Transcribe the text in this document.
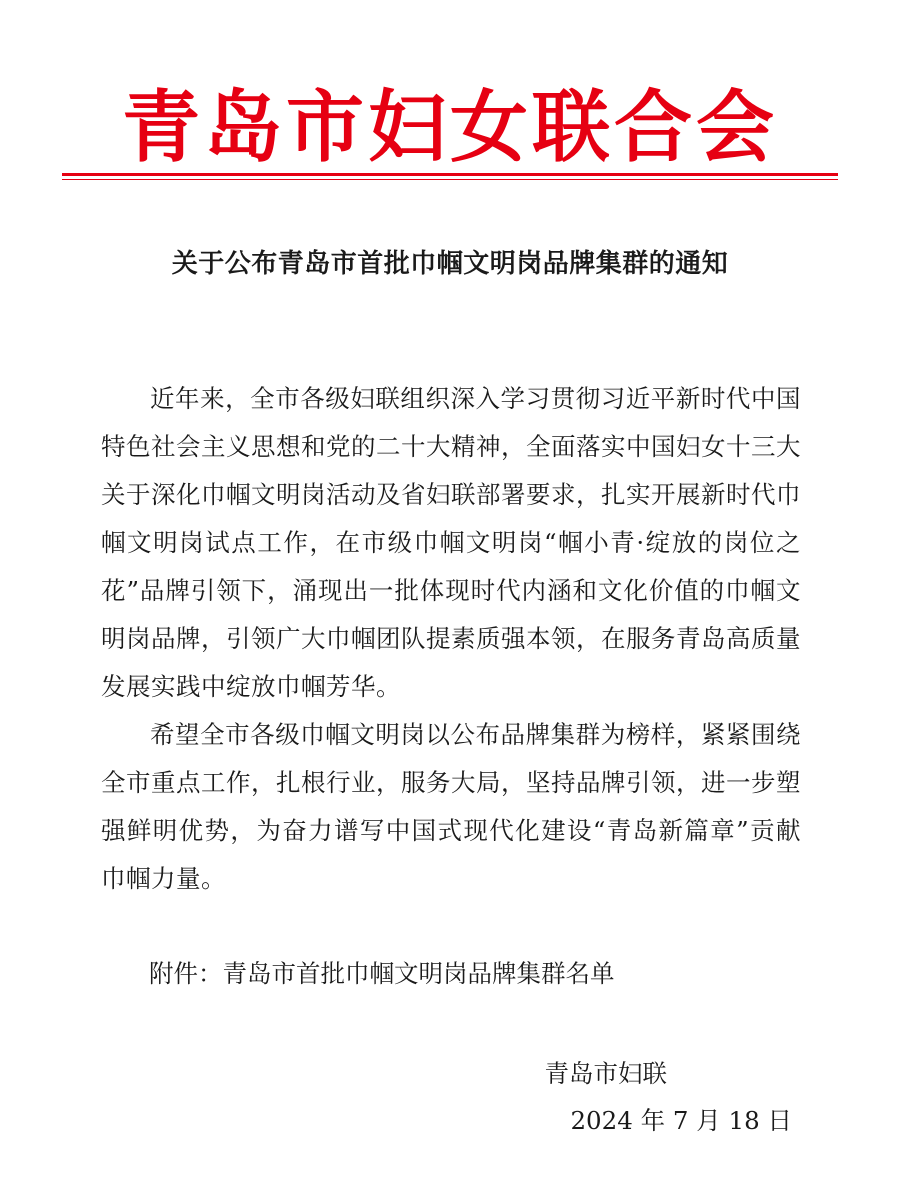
青岛市妇女联合会
关于公布青岛市首批巾帼文明岗品牌集群的通知

近年来，全市各级妇联组织深入学习贯彻习近平新时代中国特色社会主义思想和党的二十大精神，全面落实中国妇女十三大关于深化巾帼文明岗活动及省妇联部署要求，扎实开展新时代巾帼文明岗试点工作，在市级巾帼文明岗“帼小青·绽放的岗位之花”品牌引领下，涌现出一批体现时代内涵和文化价值的巾帼文明岗品牌，引领广大巾帼团队提素质强本领，在服务青岛高质量发展实践中绽放巾帼芳华。

希望全市各级巾帼文明岗以公布品牌集群为榜样，紧紧围绕全市重点工作，扎根行业，服务大局，坚持品牌引领，进一步塑强鲜明优势，为奋力谱写中国式现代化建设“青岛新篇章”贡献巾帼力量。

附件：青岛市首批巾帼文明岗品牌集群名单
青岛市妇联
2024 年 7 月 18 日
